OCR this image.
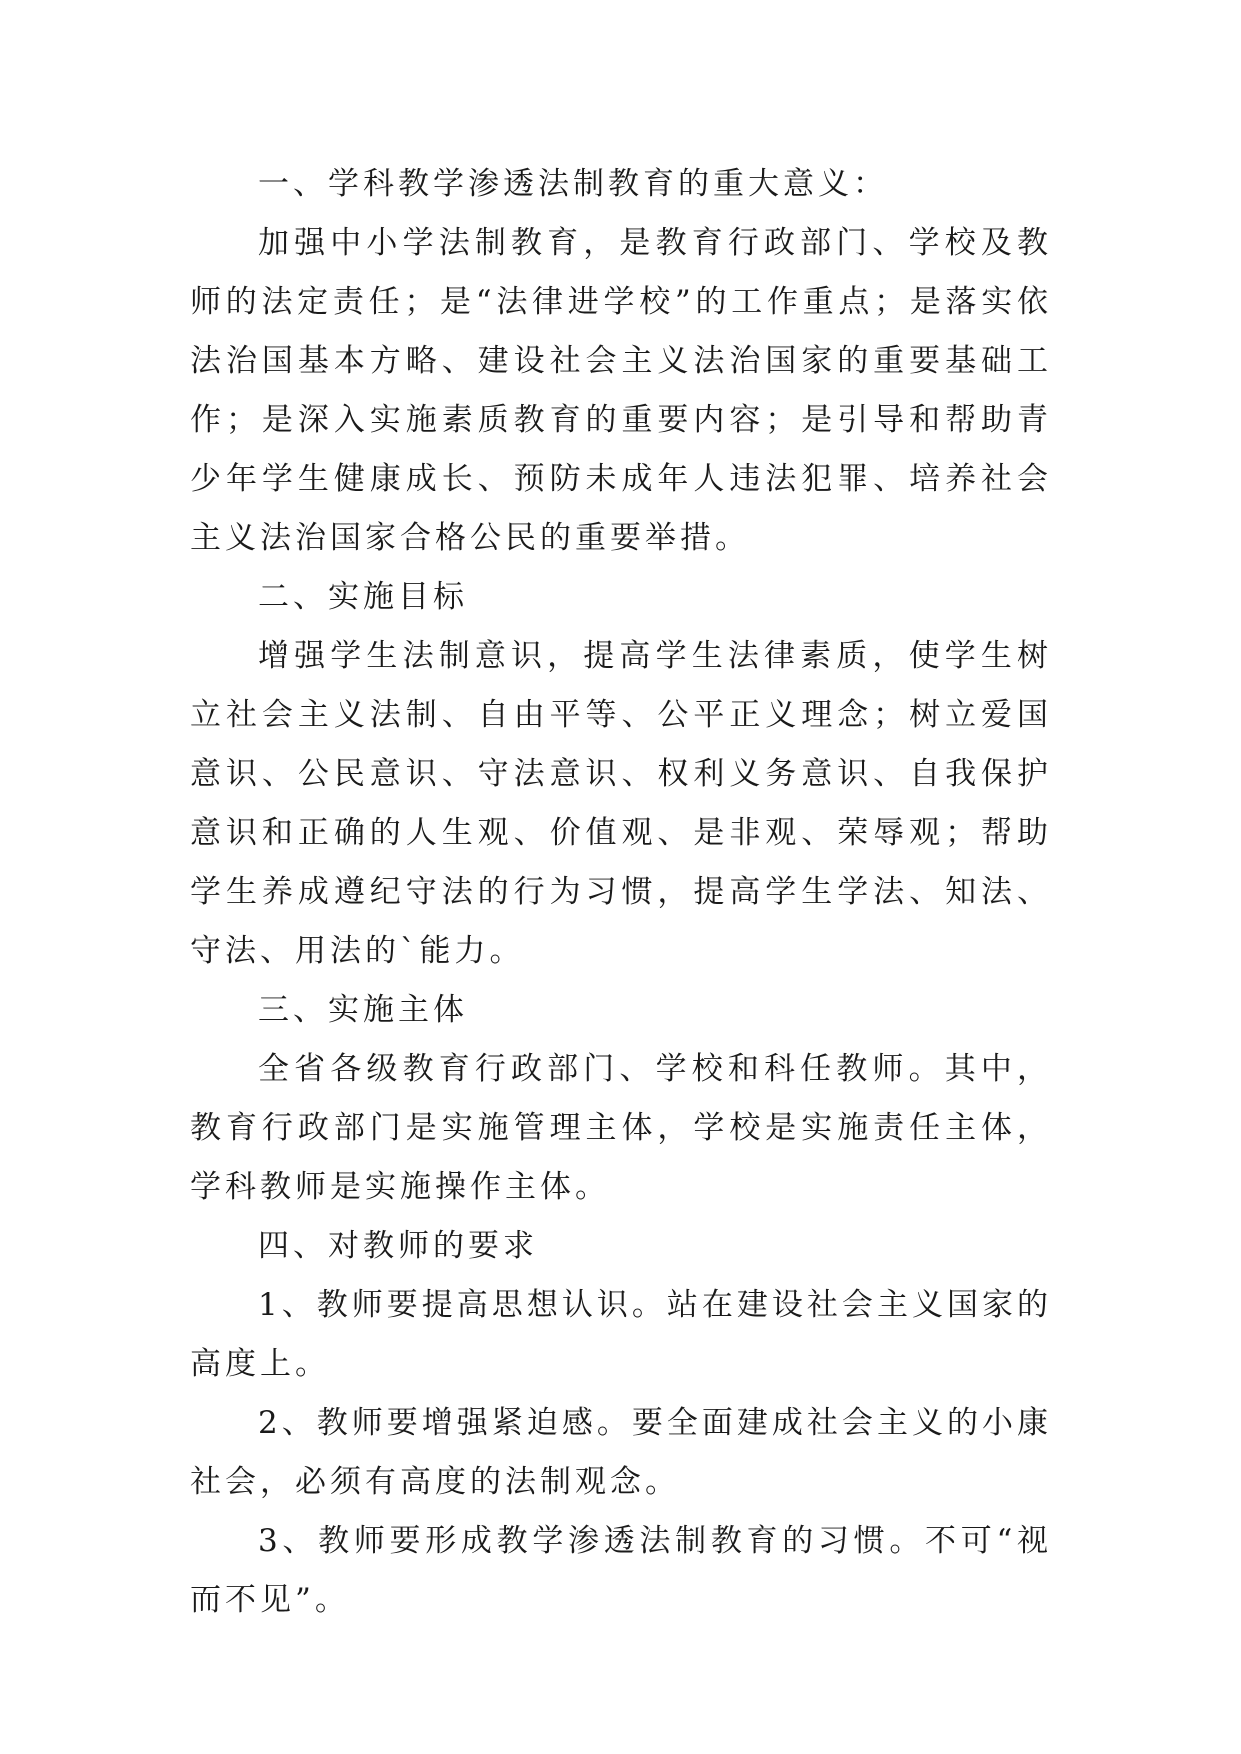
一、学科教学渗透法制教育的重大意义：

加强中小学法制教育，是教育行政部门、学校及教师的法定责任；是“法律进学校”的工作重点；是落实依法治国基本方略、建设社会主义法治国家的重要基础工作；是深入实施素质教育的重要内容；是引导和帮助青少年学生健康成长、预防未成年人违法犯罪、培养社会主义法治国家合格公民的重要举措。

二、实施目标

增强学生法制意识，提高学生法律素质，使学生树立社会主义法制、自由平等、公平正义理念；树立爱国意识、公民意识、守法意识、权利义务意识、自我保护意识和正确的人生观、价值观、是非观、荣辱观；帮助学生养成遵纪守法的行为习惯，提高学生学法、知法、守法、用法的`能力。

三、实施主体

全省各级教育行政部门、学校和科任教师。其中，教育行政部门是实施管理主体，学校是实施责任主体，学科教师是实施操作主体。

四、对教师的要求

1、教师要提高思想认识。站在建设社会主义国家的高度上。

2、教师要增强紧迫感。要全面建成社会主义的小康社会，必须有高度的法制观念。

3、教师要形成教学渗透法制教育的习惯。不可“视而不见”。
